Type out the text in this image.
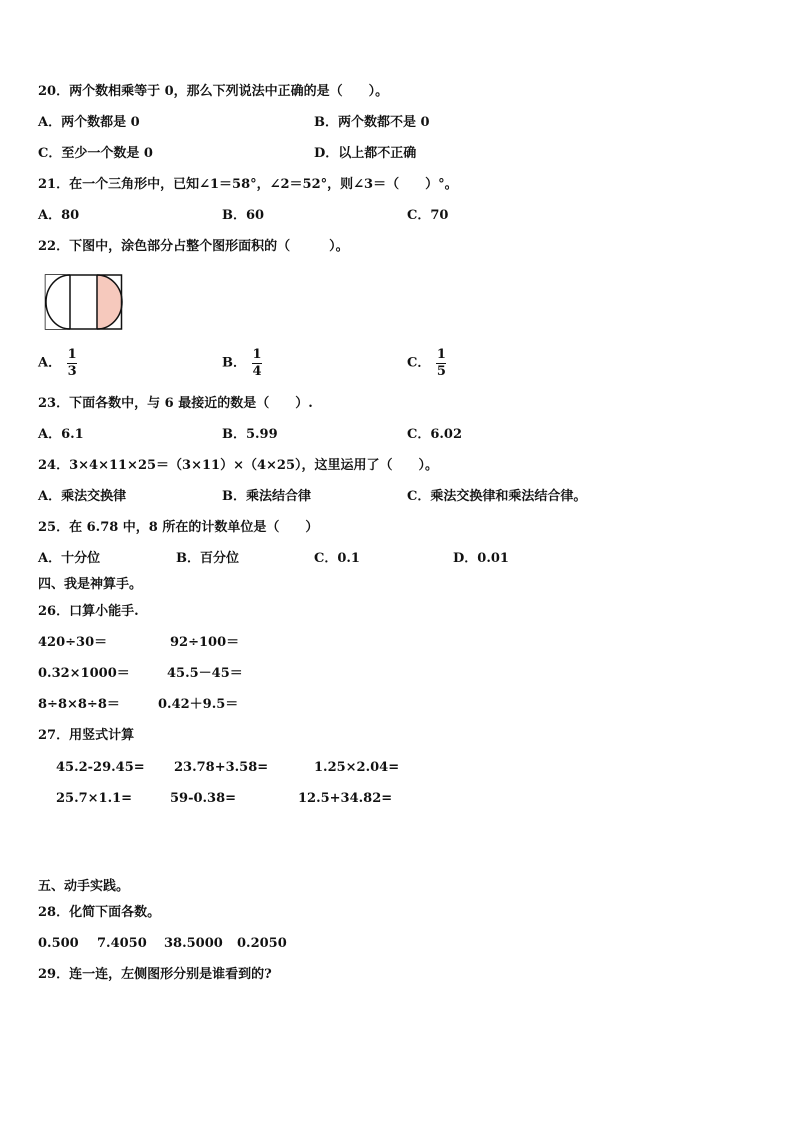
20．两个数相乘等于 0，那么下列说法中正确的是（　　）。
A．两个数都是 0	B．两个数都不是 0
C．至少一个数是 0	D．以上都不正确
21．在一个三角形中，已知∠1＝58°，∠2＝52°，则∠3＝（　　）°。
A．80	B．60	C．70
22．下图中，涂色部分占整个图形面积的（　　　）。
A． $\frac{1}{3}$	B． $\frac{1}{4}$	C． $\frac{1}{5}$
23．下面各数中，与 6 最接近的数是（　　）.
A．6.1	B．5.99	C．6.02
24．3×4×11×25＝（3×11）×（4×25），这里运用了（　　）。
A．乘法交换律	B．乘法结合律	C．乘法交换律和乘法结合律。
25．在 6.78 中，8 所在的计数单位是（　　）
A．十分位	B．百分位	C．0.1	D．0.01
四、我是神算手。
26．口算小能手.
420÷30＝	92÷100＝
0.32×1000＝	45.5－45＝
8÷8×8÷8＝	0.42＋9.5＝
27．用竖式计算
45.2-29.45= 23.78+3.58=	1.25×2.04=
25.7×1.1=	59-0.38=	12.5+34.82=
五、动手实践。
28．化简下面各数。
0.500 7.4050 38.5000 0.2050
29．连一连，左侧图形分别是谁看到的?
